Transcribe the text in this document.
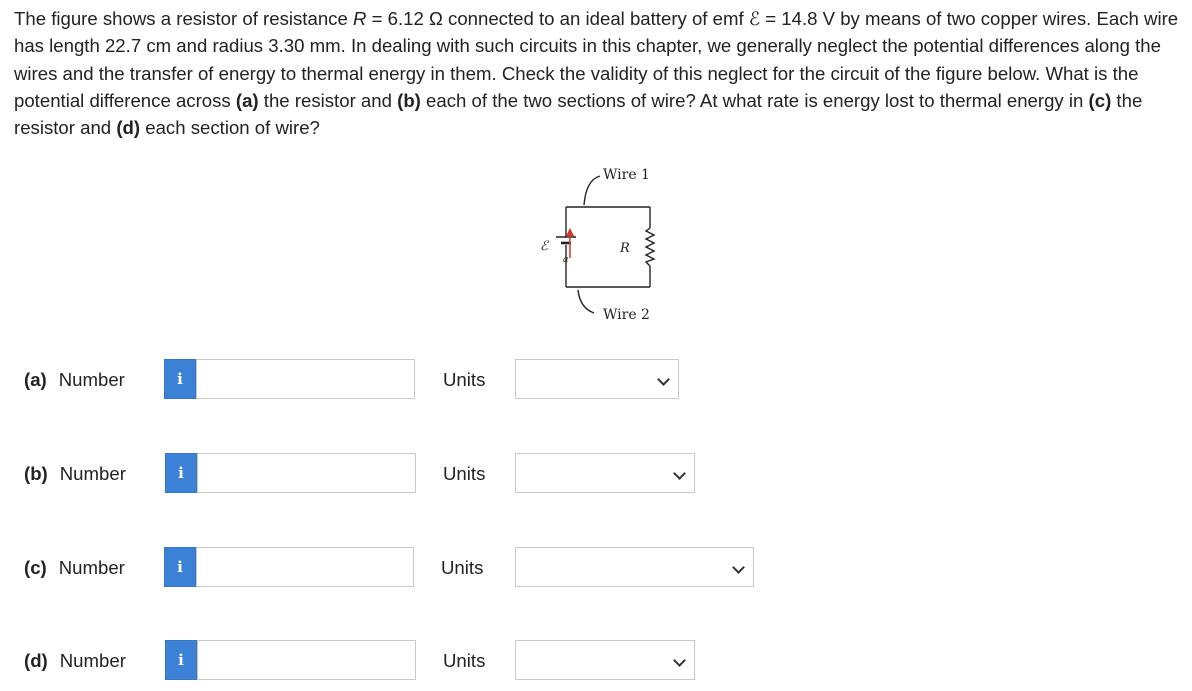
The figure shows a resistor of resistance R = 6.12 Ω connected to an ideal battery of emf ℰ = 14.8 V by means of two copper wires. Each wire has length 22.7 cm and radius 3.30 mm. In dealing with such circuits in this chapter, we generally neglect the potential differences along the wires and the transfer of energy to thermal energy in them. Check the validity of this neglect for the circuit of the figure below. What is the potential difference across (a) the resistor and (b) each of the two sections of wire? At what rate is energy lost to thermal energy in (c) the resistor and (d) each section of wire?
a
Wire 1
Wire 2
R
ℰ
(a) Number	i	Units
(b) Number	i	Units
(c) Number	i	Units
(d) Number	i	Units
